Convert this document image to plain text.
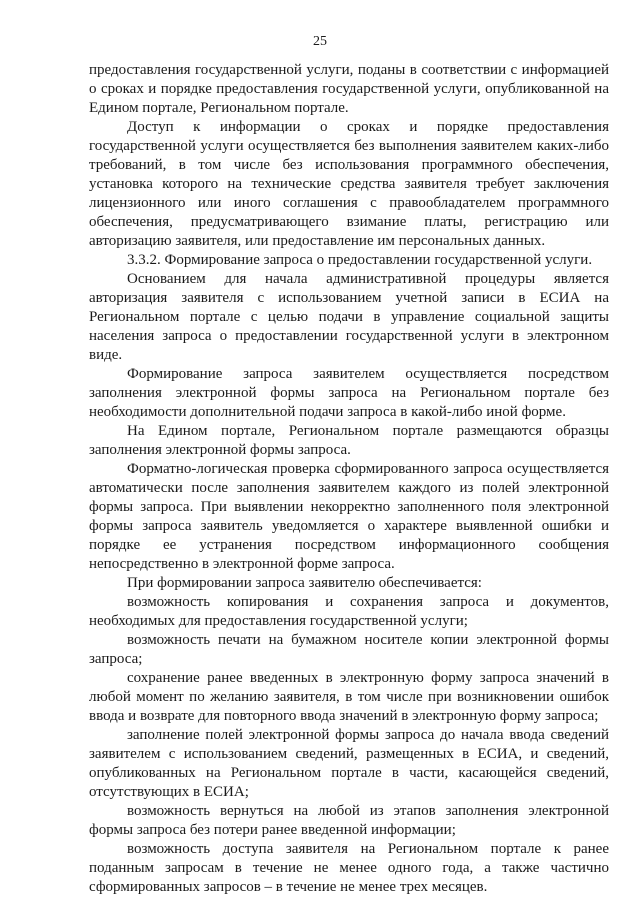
25

предоставления государственной услуги, поданы в соответствии с информацией о сроках и порядке предоставления государственной услуги, опубликованной на Едином портале, Региональном портале.

Доступ к информации о сроках и порядке предоставления государственной услуги осуществляется без выполнения заявителем каких-либо требований, в том числе без использования программного обеспечения, установка которого на технические средства заявителя требует заключения лицензионного или иного соглашения с правообладателем программного обеспечения, предусматривающего взимание платы, регистрацию или авторизацию заявителя, или предоставление им персональных данных.

3.3.2. Формирование запроса о предоставлении государственной услуги.

Основанием для начала административной процедуры является авторизация заявителя с использованием учетной записи в ЕСИА на Региональном портале с целью подачи в управление социальной защиты населения запроса о предоставлении государственной услуги в электронном виде.

Формирование запроса заявителем осуществляется посредством заполнения электронной формы запроса на Региональном портале без необходимости дополнительной подачи запроса в какой-либо иной форме.

На Едином портале, Региональном портале размещаются образцы заполнения электронной формы запроса.

Форматно-логическая проверка сформированного запроса осуществляется автоматически после заполнения заявителем каждого из полей электронной формы запроса. При выявлении некорректно заполненного поля электронной формы запроса заявитель уведомляется о характере выявленной ошибки и порядке ее устранения посредством информационного сообщения непосредственно в электронной форме запроса.

При формировании запроса заявителю обеспечивается:

возможность копирования и сохранения запроса и документов, необходимых для предоставления государственной услуги;

возможность печати на бумажном носителе копии электронной формы запроса;

сохранение ранее введенных в электронную форму запроса значений в любой момент по желанию заявителя, в том числе при возникновении ошибок ввода и возврате для повторного ввода значений в электронную форму запроса;

заполнение полей электронной формы запроса до начала ввода сведений заявителем с использованием сведений, размещенных в ЕСИА, и сведений, опубликованных на Региональном портале в части, касающейся сведений, отсутствующих в ЕСИА;

возможность вернуться на любой из этапов заполнения электронной формы запроса без потери ранее введенной информации;

возможность доступа заявителя на Региональном портале к ранее поданным запросам в течение не менее одного года, а также частично сформированных запросов – в течение не менее трех месяцев.
